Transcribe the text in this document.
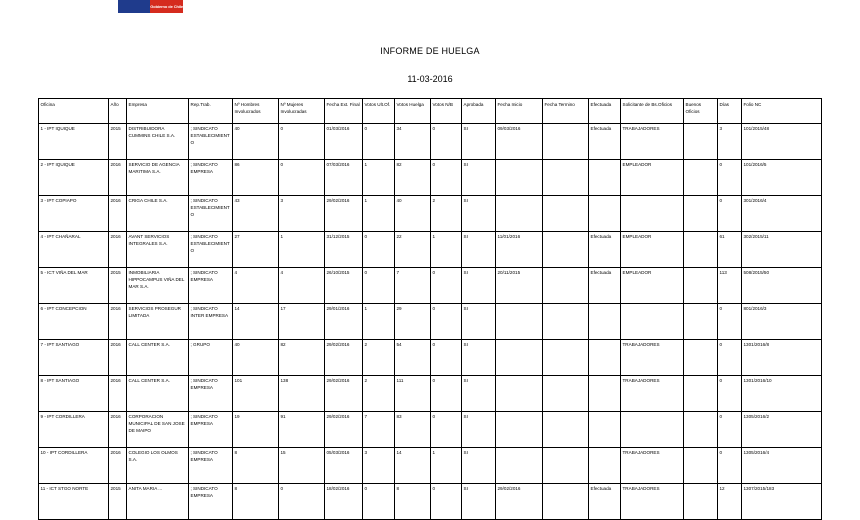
Gobierno de Chile
INFORME DE HUELGA
11-03-2016
Oficina	Año	Empresa	Rep.Trab.	Nº Hombres Involucrados	Nº Mujeres Involucradas	Fecha Ext. Final	Votos Ult.Of.	Votos Huelga	Votos N/B	Aprobada	Fecha Inicio	Fecha Termino	Efectuada	Solicitante de Bs.Oficios	Buenos Oficios	Días	Folio NC
1 - IPT IQUIQUE	2015	DISTRIBUIDORA CUMMINS CHILE S.A.	; SINDICATO ESTABLECIMIENTO	40	0	01/03/2016	0	34	0	SI	09/03/2016		Efectuada	TRABAJADORES		3	101/2015/48
2 - IPT IQUIQUE	2016	SERVICIO DE AGENCIA MARITIMA S.A.	; SINDICATO EMPRESA	86	0	07/03/2016	1	82	0	SI				EMPLEADOR		0	101/2016/5
3 - IPT COPIAPO	2016	CRIGA CHILE S.A.	; SINDICATO ESTABLECIMIENTO	43	3	29/02/2016	1	40	2	SI						0	301/2016/4
4 - IPT CHAÑARAL	2016	AVANT SERVICIOS INTEGRALES S.A.	; SINDICATO ESTABLECIMIENTO	27	1	31/12/2015	0	22	1	SI	11/01/2016		Efectuada	EMPLEADOR		61	302/2015/11
5 - ICT VIÑA DEL MAR	2015	INMOBILIARIA HIPPOCAMPUS VIÑA DEL MAR S.A.	; SINDICATO EMPRESA	4	4	26/10/2015	0	7	0	SI	20/11/2015		Efectuada	EMPLEADOR		113	508/2015/50
6 - IPT CONCEPCION	2016	SERVICIOS PROSEGUR LIMITADA	; SINDICATO INTER EMPRESA	14	17	29/01/2016	1	29	0	SI						0	801/2016/3
7 - IPT SANTIAGO	2016	CALL CENTER S.A.	; GRUPO	40	82	29/02/2016	2	54	0	SI				TRABAJADORES		0	1301/2016/8
8 - IPT SANTIAGO	2016	CALL CENTER S.A.	; SINDICATO EMPRESA	101	138	29/02/2016	2	111	0	SI				TRABAJADORES		0	1301/2016/10
9 - IPT CORDILLERA	2016	CORPORACION MUNICIPAL DE SAN JOSE DE MAIPO	; SINDICATO EMPRESA	19	91	29/02/2016	7	83	0	SI						0	1305/2016/2
10 - IPT CORDILLERA	2016	COLEGIO LOS OLMOS S.A.	; SINDICATO EMPRESA	8	15	05/03/2016	3	14	1	SI				TRABAJADORES		0	1305/2016/4
11 - ICT STGO NORTE	2015	ANITA MARIA ...	; SINDICATO EMPRESA	8	0	18/02/2016	0	8	0	SI	29/02/2016		Efectuada	TRABAJADORES		12	1307/2015/183
